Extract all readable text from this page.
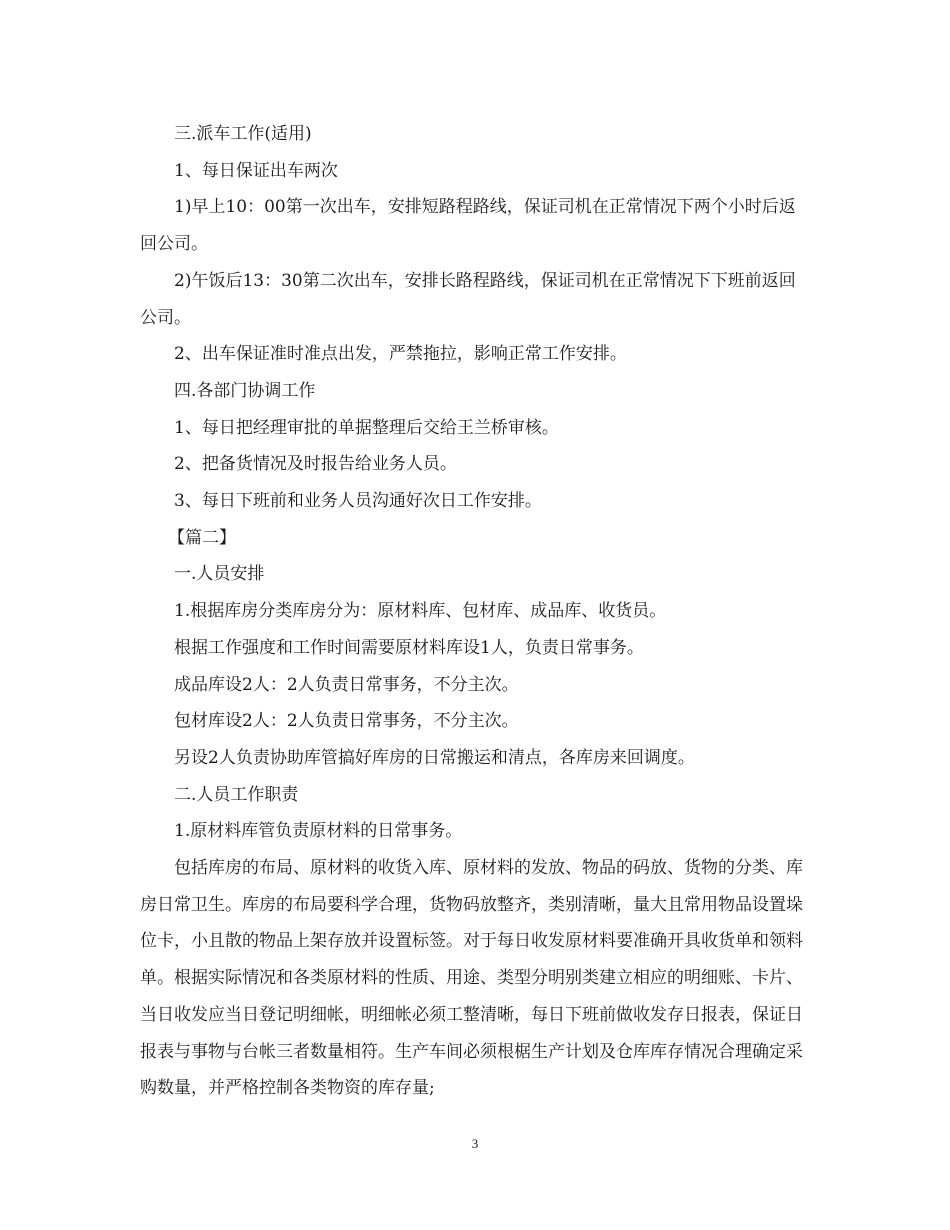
三.派车工作(适用)

1、每日保证出车两次

1)早上10：00第一次出车，安排短路程路线，保证司机在正常情况下两个小时后返回公司。

2)午饭后13：30第二次出车，安排长路程路线，保证司机在正常情况下下班前返回公司。

2、出车保证准时准点出发，严禁拖拉，影响正常工作安排。

四.各部门协调工作

1、每日把经理审批的单据整理后交给王兰桥审核。

2、把备货情况及时报告给业务人员。

3、每日下班前和业务人员沟通好次日工作安排。

【篇二】

一.人员安排

1.根据库房分类库房分为：原材料库、包材库、成品库、收货员。

根据工作强度和工作时间需要原材料库设1人，负责日常事务。

成品库设2人：2人负责日常事务，不分主次。

包材库设2人：2人负责日常事务，不分主次。

另设2人负责协助库管搞好库房的日常搬运和清点，各库房来回调度。

二.人员工作职责

1.原材料库管负责原材料的日常事务。

包括库房的布局、原材料的收货入库、原材料的发放、物品的码放、货物的分类、库房日常卫生。库房的布局要科学合理，货物码放整齐，类别清晰，量大且常用物品设置垛位卡，小且散的物品上架存放并设置标签。对于每日收发原材料要准确开具收货单和领料单。根据实际情况和各类原材料的性质、用途、类型分明别类建立相应的明细账、卡片、当日收发应当日登记明细帐，明细帐必须工整清晰，每日下班前做收发存日报表，保证日报表与事物与台帐三者数量相符。生产车间必须根椐生产计划及仓库库存情况合理确定采购数量，并严格控制各类物资的库存量;

3
